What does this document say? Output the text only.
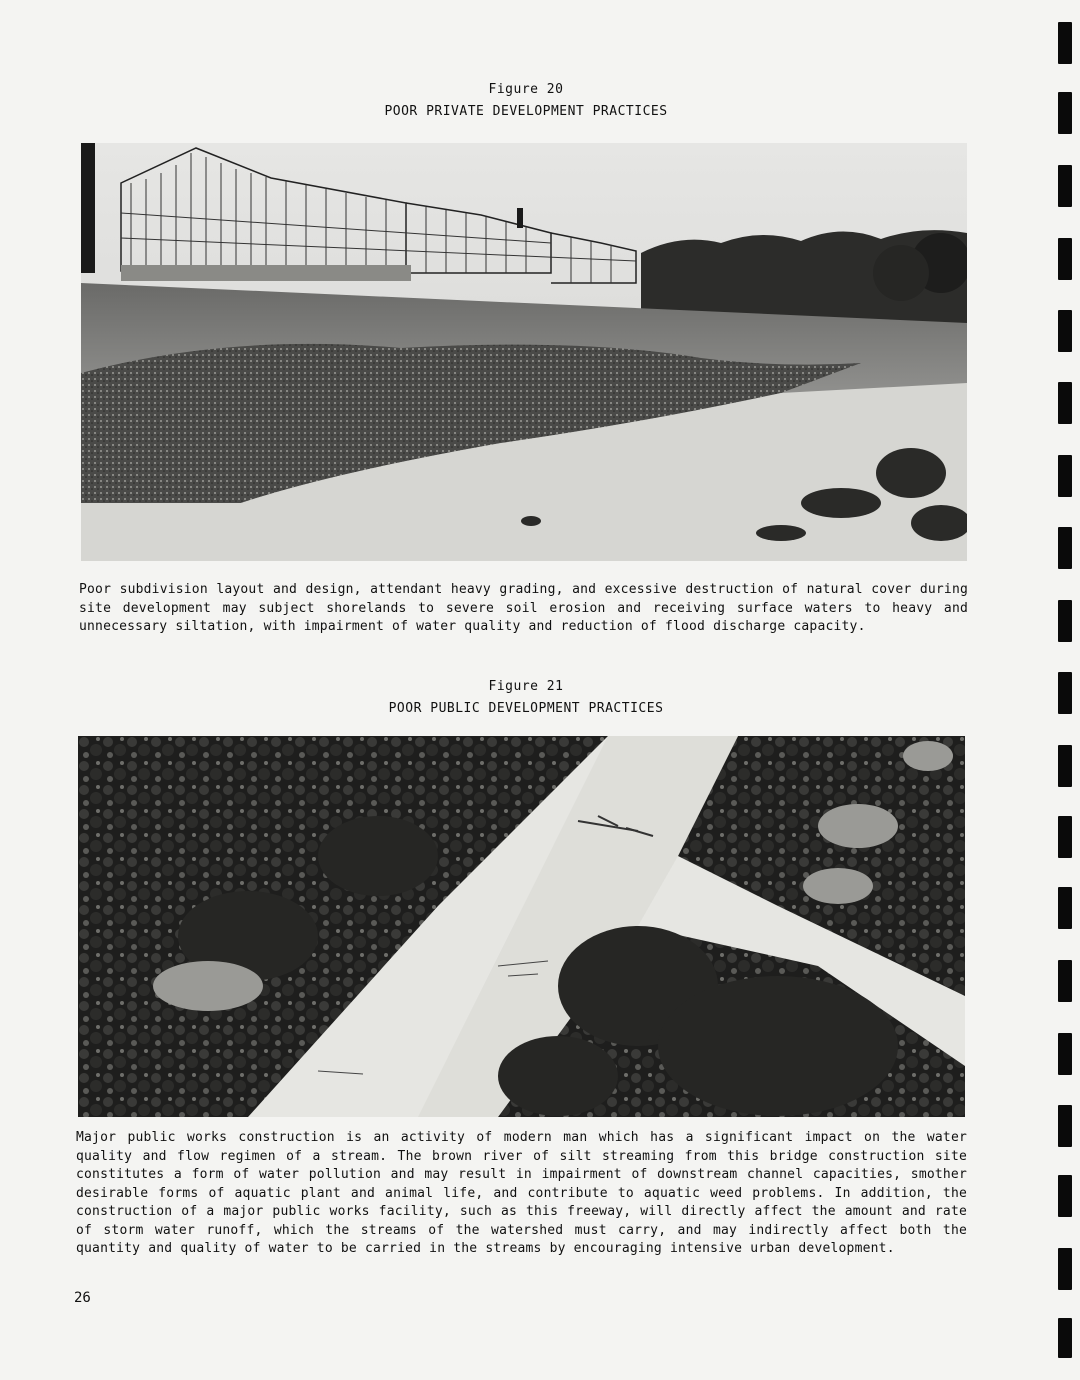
Figure 20
POOR PRIVATE DEVELOPMENT PRACTICES
Poor subdivision layout and design, attendant heavy grading, and excessive destruction of natural cover during site development may subject shorelands to severe soil erosion and receiving surface waters to heavy and unnecessary siltation, with impairment of water quality and reduction of flood discharge capacity.
Figure 21
POOR PUBLIC DEVELOPMENT PRACTICES
Major public works construction is an activity of modern man which has a significant impact on the water quality and flow regimen of a stream. The brown river of silt streaming from this bridge construction site constitutes a form of water pollution and may result in impairment of downstream channel capacities, smother desirable forms of aquatic plant and animal life, and contribute to aquatic weed problems. In addition, the construction of a major public works facility, such as this freeway, will directly affect the amount and rate of storm water runoff, which the streams of the watershed must carry, and may indirectly affect both the quantity and quality of water to be carried in the streams by encouraging intensive urban development.
26
